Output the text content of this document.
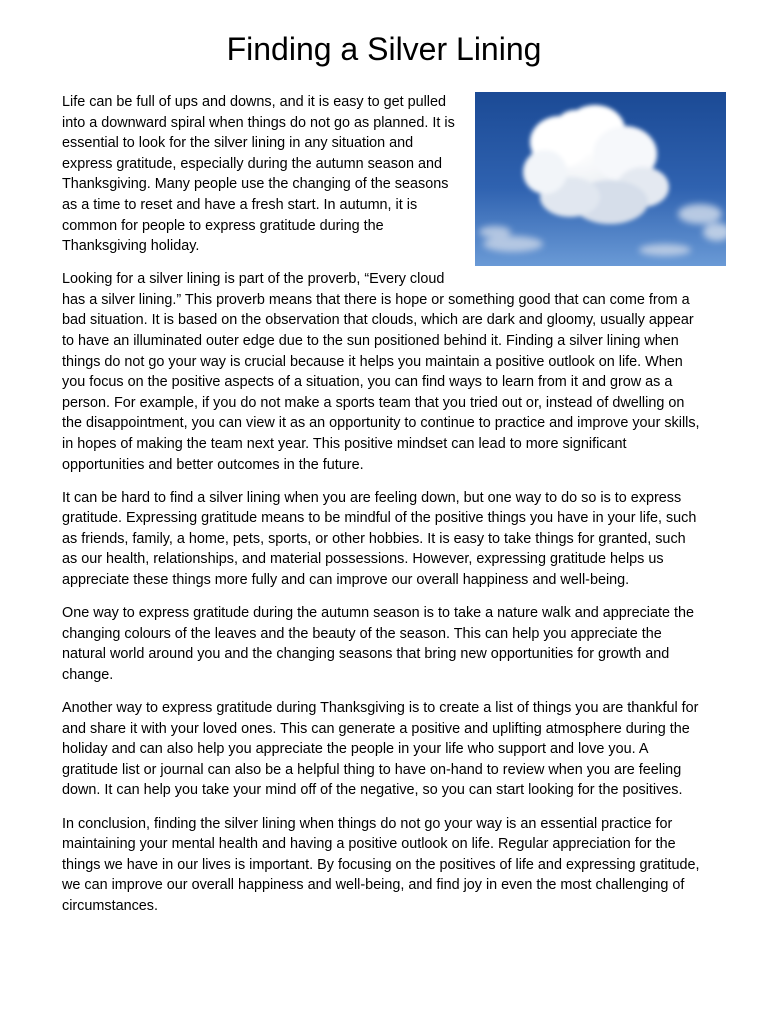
Finding a Silver Lining

Life can be full of ups and downs, and it is easy to get pulled into a downward spiral when things do not go as planned. It is essential to look for the silver lining in any situation and express gratitude, especially during the autumn season and Thanksgiving. Many people use the changing of the seasons as a time to reset and have a fresh start. In autumn, it is common for people to express gratitude during the Thanksgiving holiday.

Looking for a silver lining is part of the proverb, “Every cloud has a silver lining.” This proverb means that there is hope or something good that can come from a bad situation. It is based on the observation that clouds, which are dark and gloomy, usually appear to have an illuminated outer edge due to the sun positioned behind it. Finding a silver lining when things do not go your way is crucial because it helps you maintain a positive outlook on life. When you focus on the positive aspects of a situation, you can find ways to learn from it and grow as a person. For example, if you do not make a sports team that you tried out or, instead of dwelling on the disappointment, you can view it as an opportunity to continue to practice and improve your skills, in hopes of making the team next year. This positive mindset can lead to more significant opportunities and better outcomes in the future.

It can be hard to find a silver lining when you are feeling down, but one way to do so is to express gratitude. Expressing gratitude means to be mindful of the positive things you have in your life, such as friends, family, a home, pets, sports, or other hobbies. It is easy to take things for granted, such as our health, relationships, and material possessions. However, expressing gratitude helps us appreciate these things more fully and can improve our overall happiness and well-being.

One way to express gratitude during the autumn season is to take a nature walk and appreciate the changing colours of the leaves and the beauty of the season. This can help you appreciate the natural world around you and the changing seasons that bring new opportunities for growth and change.

Another way to express gratitude during Thanksgiving is to create a list of things you are thankful for and share it with your loved ones. This can generate a positive and uplifting atmosphere during the holiday and can also help you appreciate the people in your life who support and love you. A gratitude list or journal can also be a helpful thing to have on-hand to review when you are feeling down. It can help you take your mind off of the negative, so you can start looking for the positives.

In conclusion, finding the silver lining when things do not go your way is an essential practice for maintaining your mental health and having a positive outlook on life. Regular appreciation for the things we have in our lives is important. By focusing on the positives of life and expressing gratitude, we can improve our overall happiness and well-being, and find joy in even the most challenging of circumstances.
